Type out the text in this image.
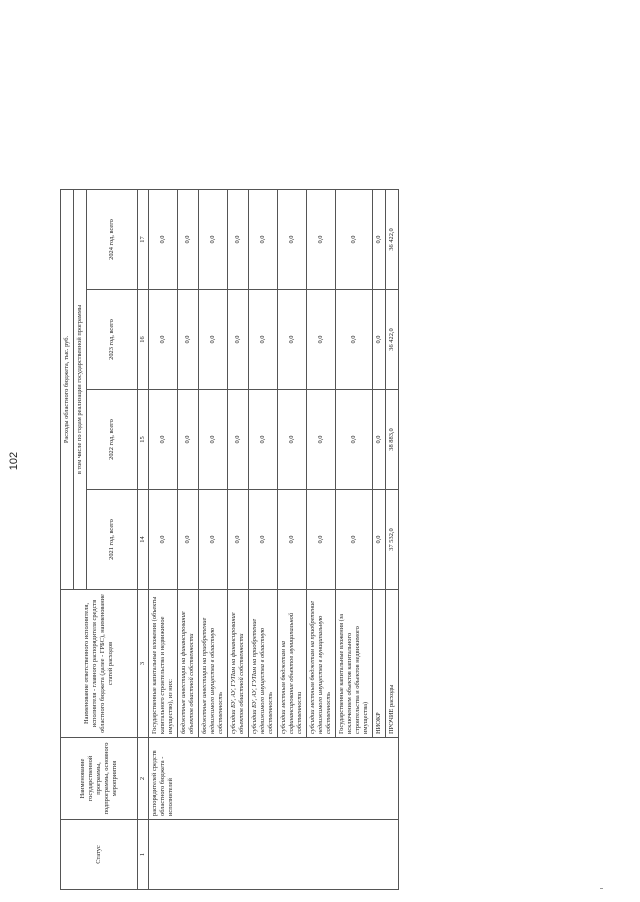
102
Статус	Наименование государственной программы, подпрограммы, основного мероприятия	Наименование ответственного исполнителя, исполнителя - главного распорядителя средств областного бюджета (далее - ГРБС), наименование статей расходов	Расходы областного бюджета, тыс. руб.			
			в том числе по годам реализации государственной программы			
			2021 год, всего	2022 год, всего	2023 год, всего	2024 год, всего
1	2	3	14	15	16	17
	распорядителей средств областного бюджета - исполнителей	Государственные капитальные вложения (объекты капитального строительства и недвижимое имущество), из них:	0,0	0,0	0,0	0,0
		бюджетные инвестиции на финансирование объектов областной собственности	0,0	0,0	0,0	0,0
		бюджетные инвестиции на приобретение недвижимого имущества в областную собственность	0,0	0,0	0,0	0,0
		субсидии БУ, АУ, ГУПам на финансирование объектов областной собственности	0,0	0,0	0,0	0,0
		субсидии БУ, АУ, ГУПам на приобретение недвижимого имущества в областную собственность	0,0	0,0	0,0	0,0
		субсидии местным бюджетам на софинансирование объектов муниципальной собственности	0,0	0,0	0,0	0,0
		субсидии местным бюджетам на приобретение недвижимого имущества в муниципальную собственность	0,0	0,0	0,0	0,0
		Государственные капитальные вложения (за исключением объектов капитального строительства и объектов недвижимого имущества)	0,0	0,0	0,0	0,0
		НИОКР	0,0	0,0	0,0	0,0
		ПРОЧИЕ расходы	37 532,0	38 883,0	36 422,0	36 422,0
